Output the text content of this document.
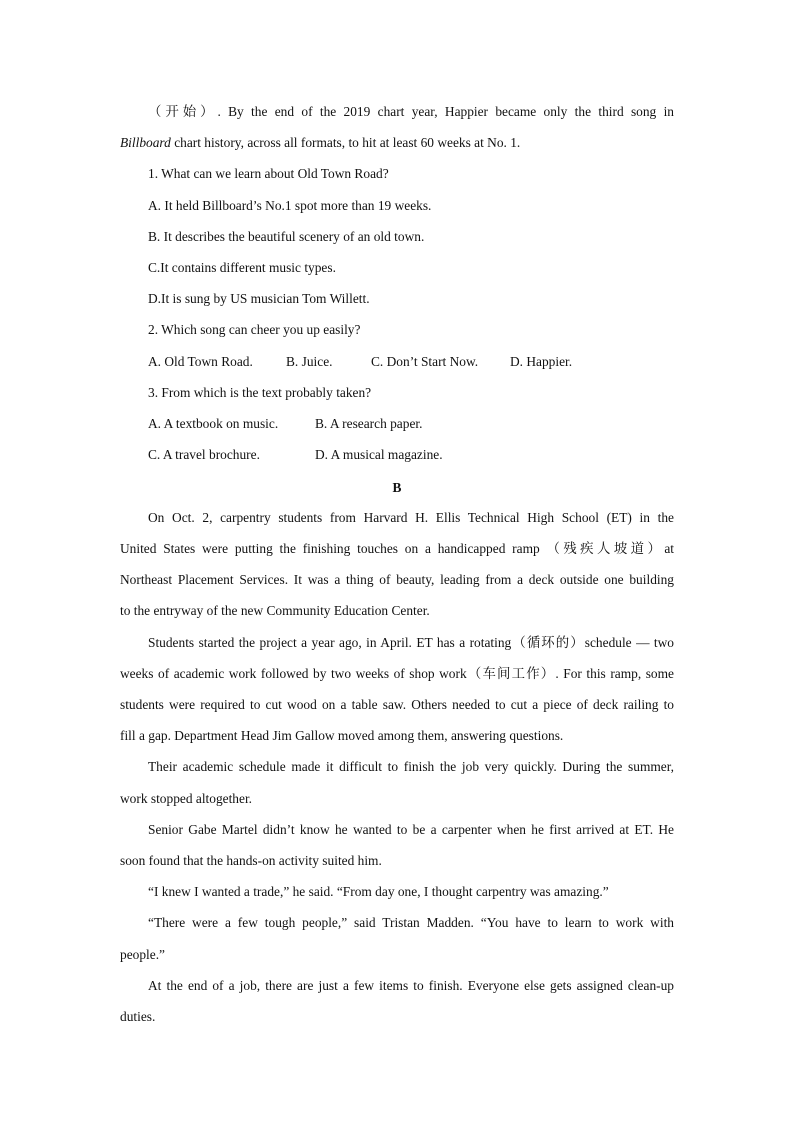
（开始）. By the end of the 2019 chart year, Happier became only the third song in
Billboard chart history, across all formats, to hit at least 60 weeks at No. 1.
1. What can we learn about Old Town Road?
A. It held Billboard’s No.1 spot more than 19 weeks.
B. It describes the beautiful scenery of an old town.
C.It contains different music types.
D.It is sung by US musician Tom Willett.
2. Which song can cheer you up easily?
A. Old Town Road. B. Juice.	C. Don’t Start Now. D. Happier.
3. From which is the text probably taken?
A. A textbook on music.	B. A research paper.
C. A travel brochure.	D. A musical magazine.
B
On Oct. 2, carpentry students from Harvard H. Ellis Technical High School (ET) in the
United States were putting the finishing touches on a handicapped ramp （残疾人坡道）at
Northeast Placement Services. It was a thing of beauty, leading from a deck outside one building
to the entryway of the new Community Education Center.
Students started the project a year ago, in April. ET has a rotating（循环的）schedule — two
weeks of academic work followed by two weeks of shop work（车间工作）. For this ramp, some
students were required to cut wood on a table saw. Others needed to cut a piece of deck railing to
fill a gap. Department Head Jim Gallow moved among them, answering questions.
Their academic schedule made it difficult to finish the job very quickly. During the summer,
work stopped altogether.
Senior Gabe Martel didn’t know he wanted to be a carpenter when he first arrived at ET. He
soon found that the hands-on activity suited him.
“I knew I wanted a trade,” he said. “From day one, I thought carpentry was amazing.”
“There were a few tough people,” said Tristan Madden. “You have to learn to work with
people.”
At the end of a job, there are just a few items to finish. Everyone else gets assigned clean-up
duties.
